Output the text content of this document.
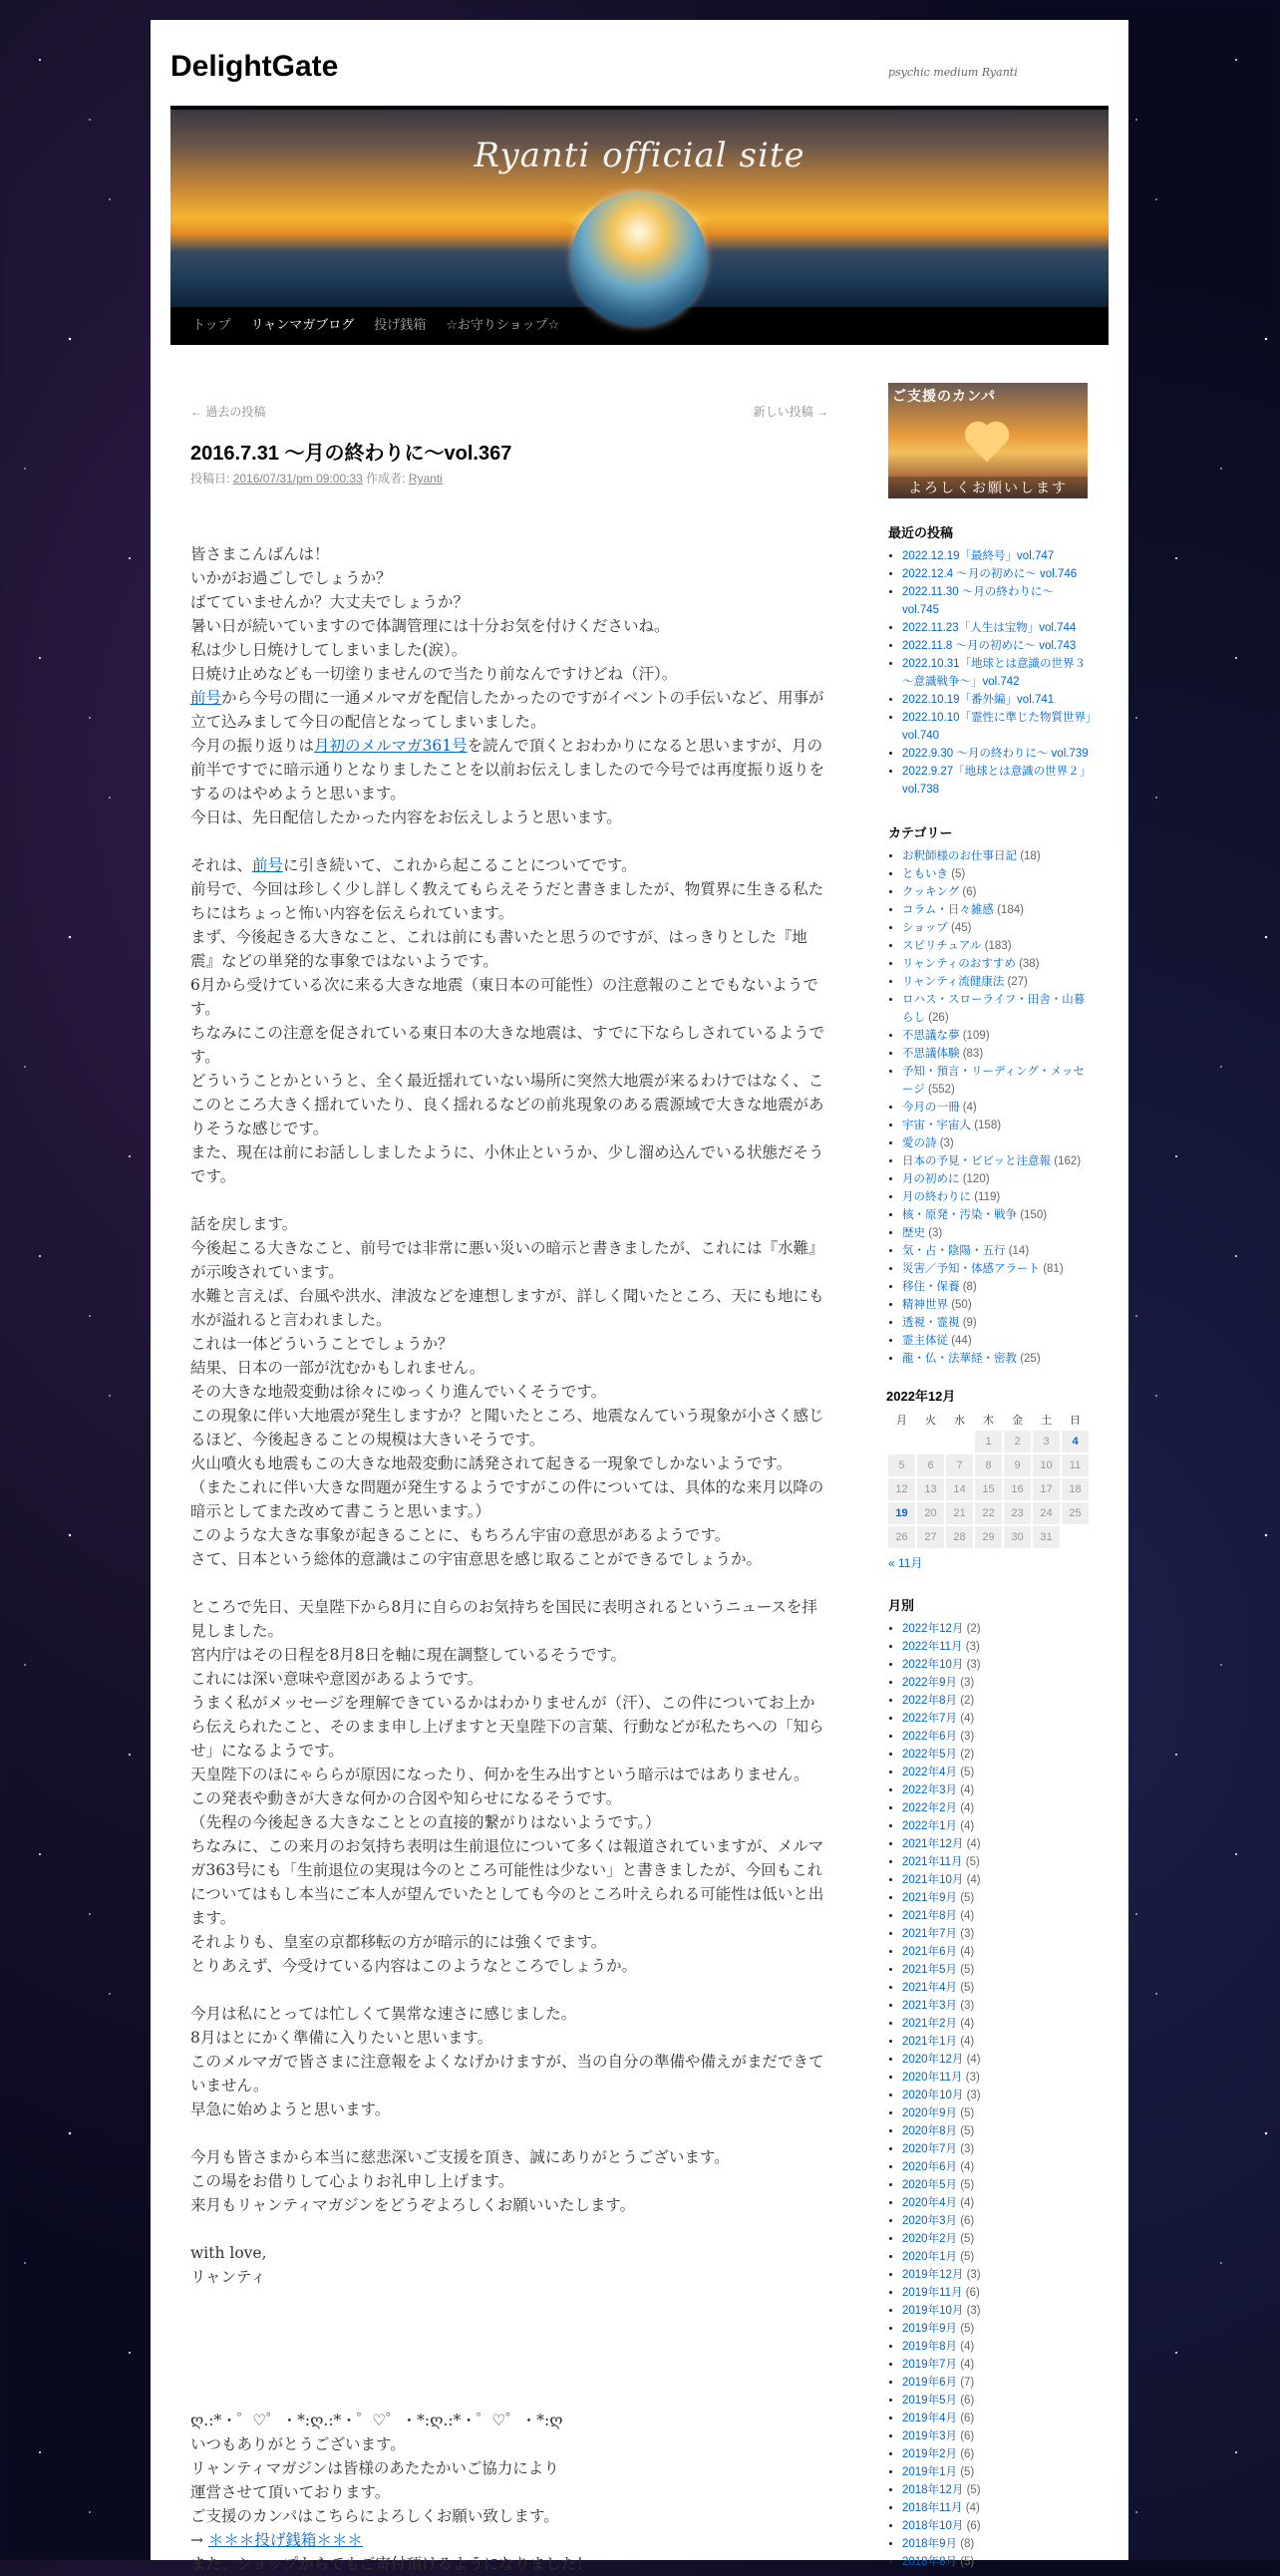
DelightGate	psychic medium Ryanti
Ryanti official site
トップ	リャンマガブログ	投げ銭箱	☆お守りショップ☆
← 過去の投稿	新しい投稿 →
2016.7.31 ～月の終わりに～vol.367
投稿日: 2016/07/31/pm 09:00:33 作成者: Ryanti

皆さまこんばんは！

いかがお過ごしでしょうか？

ばてていませんか？大丈夫でしょうか？

暑い日が続いていますので体調管理には十分お気を付けくださいね。

私は少し日焼けしてしまいました(涙）。

日焼け止めなども一切塗りませんので当たり前なんですけどね（汗）。

前号から今号の間に一通メルマガを配信したかったのですがイベントの手伝いなど、用事が立て込みまして今日の配信となってしまいました。

今月の振り返りは月初のメルマガ361号を読んで頂くとおわかりになると思いますが、月の前半ですでに暗示通りとなりましたことを以前お伝えしましたので今号では再度振り返りをするのはやめようと思います。

今日は、先日配信したかった内容をお伝えしようと思います。

それは、前号に引き続いて、これから起こることについてです。

前号で、今回は珍しく少し詳しく教えてもらえそうだと書きましたが、物質界に生きる私たちにはちょっと怖い内容を伝えられています。

まず、今後起きる大きなこと、これは前にも書いたと思うのですが、はっきりとした『地震』などの単発的な事象ではないようです。

6月から受けている次に来る大きな地震（東日本の可能性）の注意報のことでもないようです。

ちなみにこの注意を促されている東日本の大きな地震は、すでに下ならしされているようです。

どういうことかというと、全く最近揺れていない場所に突然大地震が来るわけではなく、ここのところ大きく揺れていたり、良く揺れるなどの前兆現象のある震源域で大きな地震がありそうな感じです。

また、現在は前にお話ししましたように、小休止というか、少し溜め込んでいる状態だそうです。

話を戻します。

今後起こる大きなこと、前号では非常に悪い災いの暗示と書きましたが、これには『水難』が示唆されています。

水難と言えば、台風や洪水、津波などを連想しますが、詳しく聞いたところ、天にも地にも水が溢れると言われました。

これは一体どういうことでしょうか？

結果、日本の一部が沈むかもしれません。

その大きな地殻変動は徐々にゆっくり進んでいくそうです。

この現象に伴い大地震が発生しますか？と聞いたところ、地震なんていう現象が小さく感じるほど、今後起きることの規模は大きいそうです。

火山噴火も地震もこの大きな地殻変動に誘発されて起きる一現象でしかないようです。

（またこれに伴い大きな問題が発生するようですがこの件については、具体的な来月以降の暗示としてまた改めて書こうと思います。）

このような大きな事象が起きることに、もちろん宇宙の意思があるようです。

さて、日本という総体的意識はこの宇宙意思を感じ取ることができるでしょうか。

ところで先日、天皇陛下から8月に自らのお気持ちを国民に表明されるというニュースを拝見しました。

宮内庁はその日程を8月8日を軸に現在調整しているそうです。

これには深い意味や意図があるようです。

うまく私がメッセージを理解できているかはわかりませんが（汗）、この件についてお上から伝えられたこと、そのまま申し上げますと天皇陛下の言葉、行動などが私たちへの「知らせ」になるようです。

天皇陛下のほにゃららが原因になったり、何かを生み出すという暗示はではありません。

この発表や動きが大きな何かの合図や知らせになるそうです。

（先程の今後起きる大きなこととの直接的繋がりはないようです。）

ちなみに、この来月のお気持ち表明は生前退位について多くは報道されていますが、メルマガ363号にも「生前退位の実現は今のところ可能性は少ない」と書きましたが、今回もこれについてはもし本当にご本人が望んでいたとしても今のところ叶えられる可能性は低いと出ます。

それよりも、皇室の京都移転の方が暗示的には強くでます。

とりあえず、今受けている内容はこのようなところでしょうか。

今月は私にとっては忙しくて異常な速さに感じました。

8月はとにかく準備に入りたいと思います。

このメルマガで皆さまに注意報をよくなげかけますが、当の自分の準備や備えがまだできていません。

早急に始めようと思います。

今月も皆さまから本当に慈悲深いご支援を頂き、誠にありがとうございます。

この場をお借りして心よりお礼申し上げます。

来月もリャンティマガジンをどうぞよろしくお願いいたします。

with love,

リャンティ

ღ.:*・゜♡゜・*:ღ.:*・゜♡゜・*:ღ.:*・゜♡゜・*:ღ

いつもありがとうございます。

リャンティマガジンは皆様のあたたかいご協力により

運営させて頂いております。

ご支援のカンパはこちらによろしくお願い致します。

→ ＊＊＊投げ銭箱＊＊＊

また、ショップからでもご寄付頂けるようになりました！

ご支援のカンパ
よろしくお願いします
最近の投稿
• 2022.12.19「最終号」vol.747
• 2022.12.4 ～月の初めに～ vol.746
• 2022.11.30 ～月の終わりに～ vol.745
• 2022.11.23「人生は宝物」vol.744
• 2022.11.8 ～月の初めに～ vol.743
• 2022.10.31「地球とは意識の世界３～意識戦争～」vol.742
• 2022.10.19「番外編」vol.741
• 2022.10.10「霊性に準じた物質世界」vol.740
• 2022.9.30 ～月の終わりに～ vol.739
• 2022.9.27「地球とは意識の世界２」vol.738
カテゴリー
• お釈師様のお仕事日記 (18)
• ともいき (5)
• クッキング (6)
• コラム・日々雑感 (184)
• ショップ (45)
• スピリチュアル (183)
• リャンティのおすすめ (38)
• リャンティ流健康法 (27)
• ロハス・スローライフ・田舎・山暮らし (26)
• 不思議な夢 (109)
• 不思議体験 (83)
• 予知・預言・リーディング・メッセージ (552)
• 今月の一冊 (4)
• 宇宙・宇宙人 (158)
• 愛の詩 (3)
• 日本の予見・ビビッと注意報 (162)
• 月の初めに (120)
• 月の終わりに (119)
• 核・原発・汚染・戦争 (150)
• 歴史 (3)
• 気・占・陰陽・五行 (14)
• 災害／予知・体感アラート (81)
• 移住・保養 (8)
• 精神世界 (50)
• 透視・霊視 (9)
• 霊主体従 (44)
• 龍・仏・法華経・密教 (25)
2022年12月
月	火	水	木	金	土	日
			1	2	3	4
5	6	7	8	9	10	11
12	13	14	15	16	17	18
19	20	21	22	23	24	25
26	27	28	29	30	31	
« 11月
月別
• 2022年12月 (2)
• 2022年11月 (3)
• 2022年10月 (3)
• 2022年9月 (3)
• 2022年8月 (2)
• 2022年7月 (4)
• 2022年6月 (3)
• 2022年5月 (2)
• 2022年4月 (5)
• 2022年3月 (4)
• 2022年2月 (4)
• 2022年1月 (4)
• 2021年12月 (4)
• 2021年11月 (5)
• 2021年10月 (4)
• 2021年9月 (5)
• 2021年8月 (4)
• 2021年7月 (3)
• 2021年6月 (4)
• 2021年5月 (5)
• 2021年4月 (5)
• 2021年3月 (3)
• 2021年2月 (4)
• 2021年1月 (4)
• 2020年12月 (4)
• 2020年11月 (3)
• 2020年10月 (3)
• 2020年9月 (5)
• 2020年8月 (5)
• 2020年7月 (3)
• 2020年6月 (4)
• 2020年5月 (5)
• 2020年4月 (4)
• 2020年3月 (6)
• 2020年2月 (5)
• 2020年1月 (5)
• 2019年12月 (3)
• 2019年11月 (6)
• 2019年10月 (3)
• 2019年9月 (5)
• 2019年8月 (4)
• 2019年7月 (4)
• 2019年6月 (7)
• 2019年5月 (6)
• 2019年4月 (6)
• 2019年3月 (6)
• 2019年2月 (6)
• 2019年1月 (5)
• 2018年12月 (5)
• 2018年11月 (4)
• 2018年10月 (6)
• 2018年9月 (8)
• 2018年8月 (5)
